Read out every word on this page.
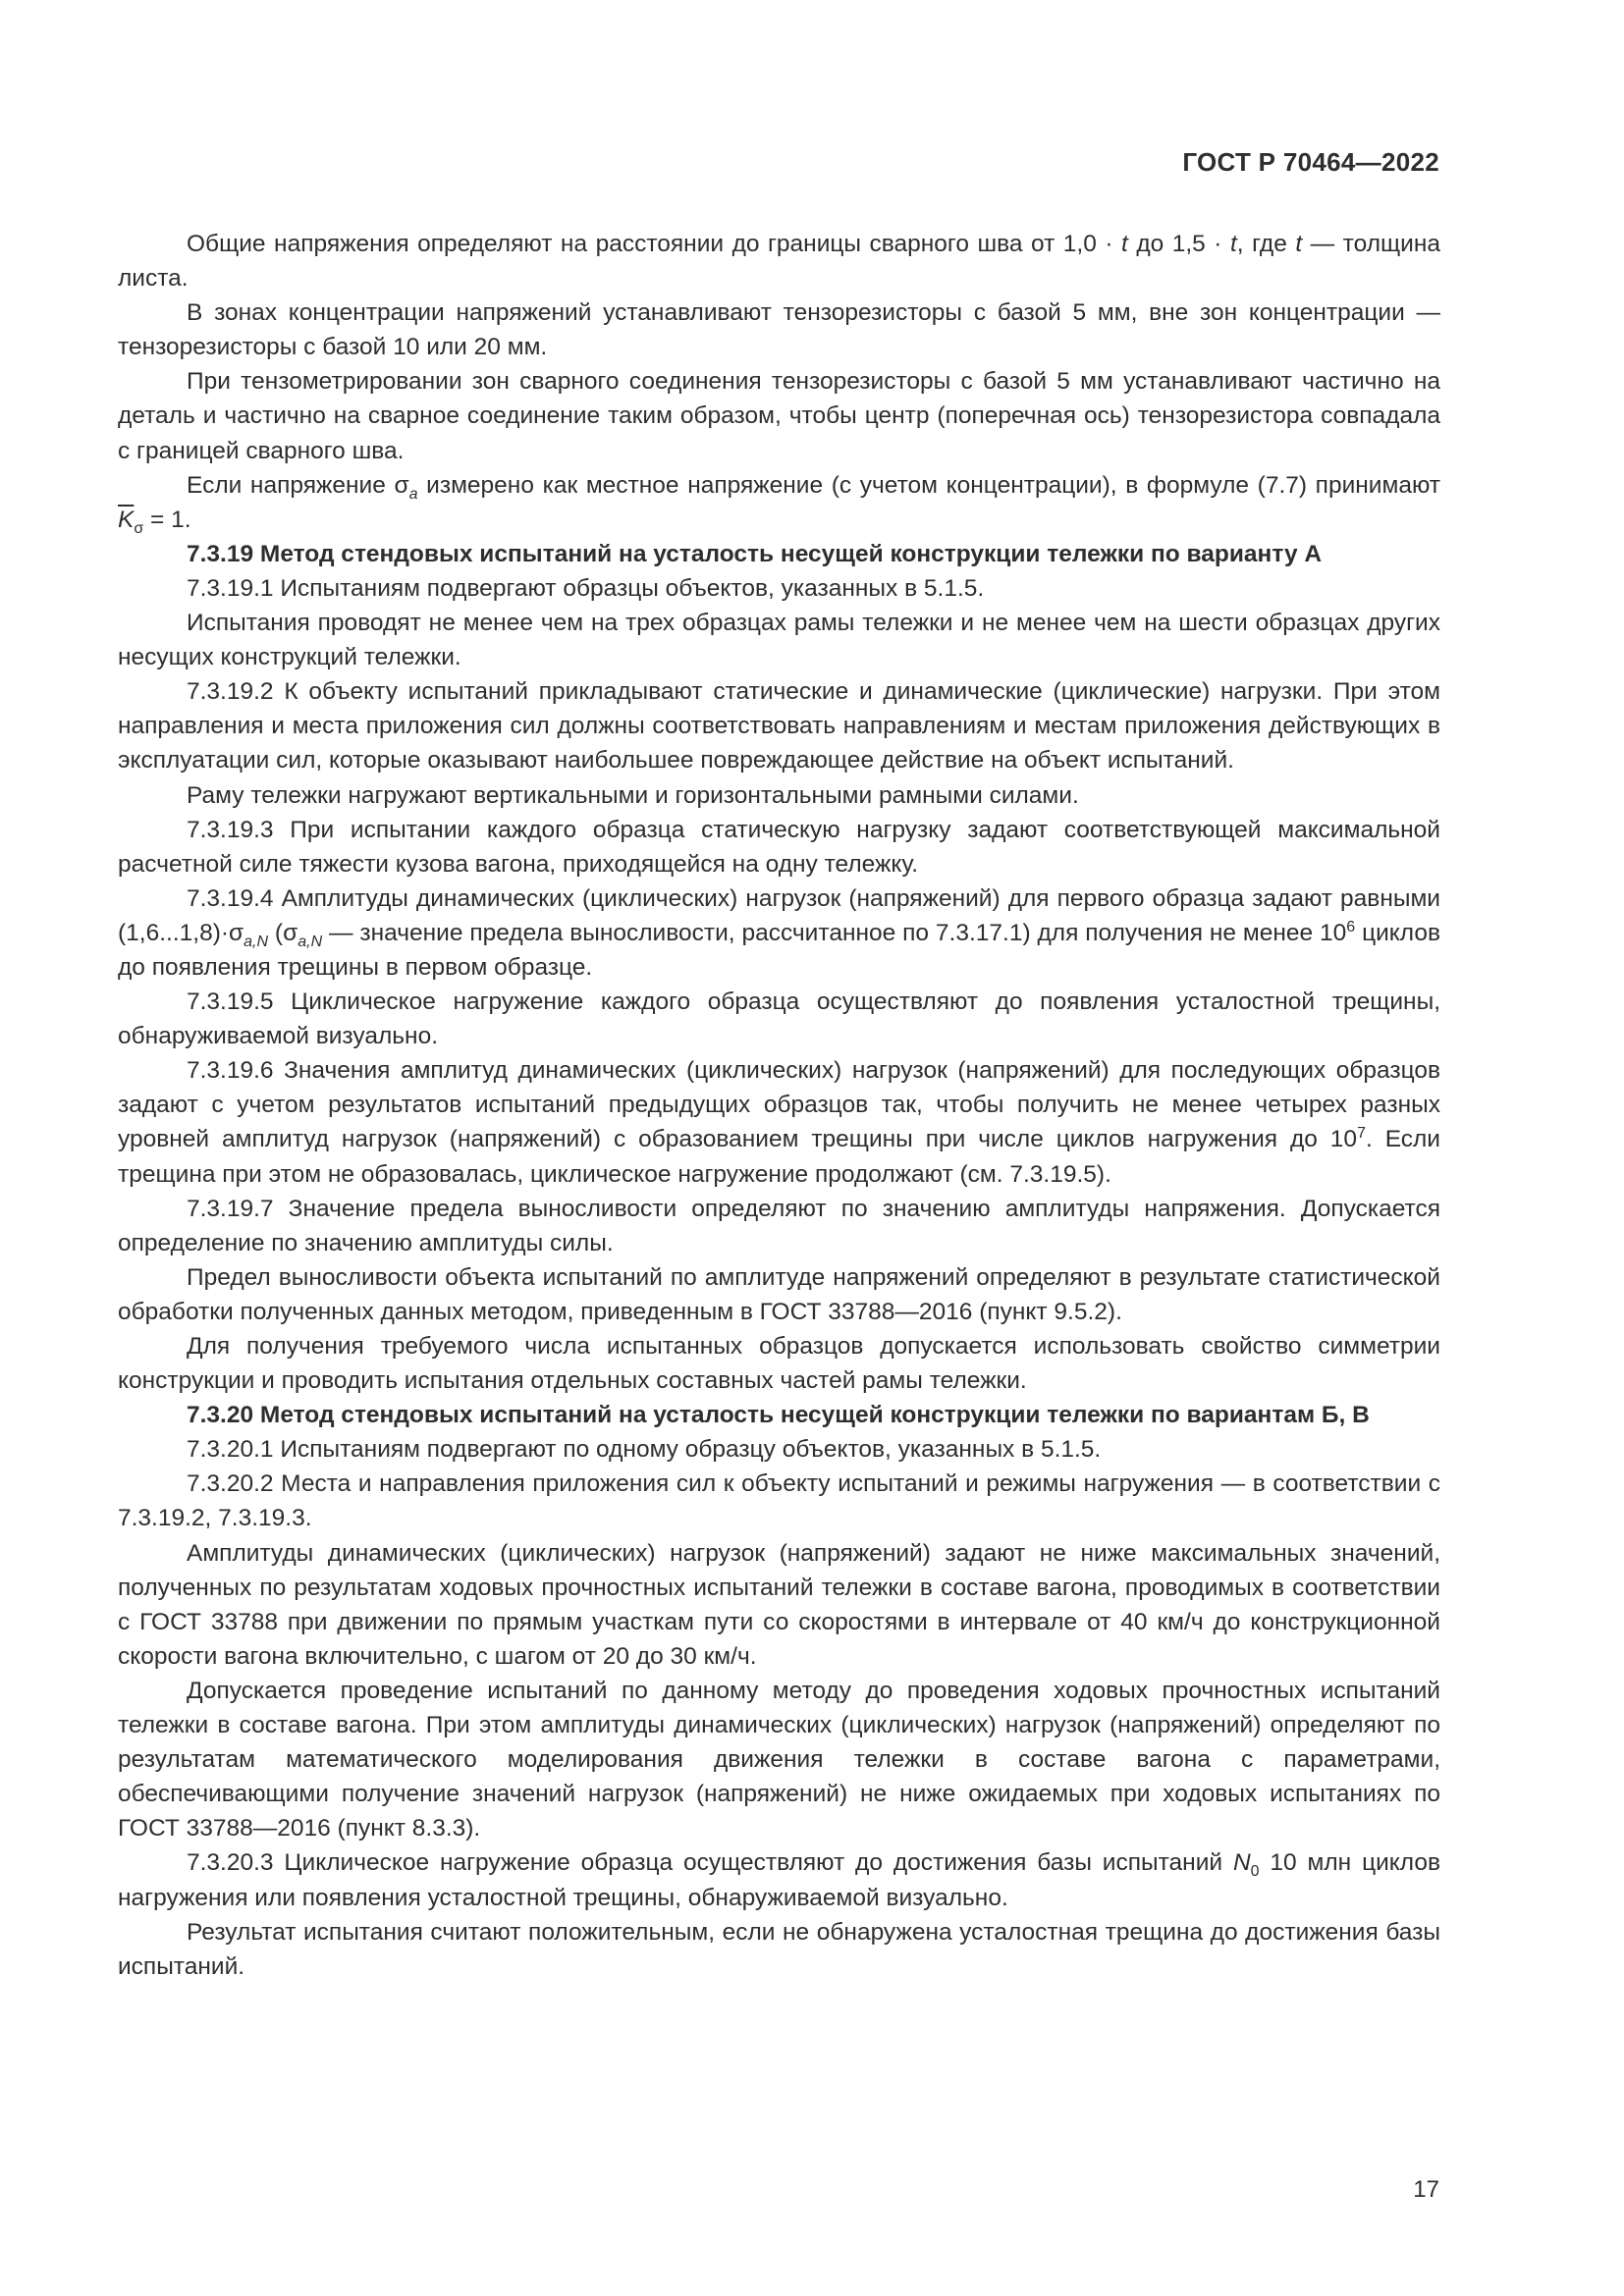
ГОСТ Р 70464—2022

Общие напряжения определяют на расстоянии до границы сварного шва от 1,0 · t до 1,5 · t, где t — толщина листа.

В зонах концентрации напряжений устанавливают тензорезисторы с базой 5 мм, вне зон концентрации — тензорезисторы с базой 10 или 20 мм.

При тензометрировании зон сварного соединения тензорезисторы с базой 5 мм устанавливают частично на деталь и частично на сварное соединение таким образом, чтобы центр (поперечная ось) тензорезистора совпадала с границей сварного шва.

Если напряжение $\sigma_a$ измерено как местное напряжение (с учетом концентрации), в формуле (7.7) принимают $\overline{K}_\sigma = 1$.

7.3.19 Метод стендовых испытаний на усталость несущей конструкции тележки по варианту А

7.3.19.1 Испытаниям подвергают образцы объектов, указанных в 5.1.5.

Испытания проводят не менее чем на трех образцах рамы тележки и не менее чем на шести образцах других несущих конструкций тележки.

7.3.19.2 К объекту испытаний прикладывают статические и динамические (циклические) нагрузки. При этом направления и места приложения сил должны соответствовать направлениям и местам приложения действующих в эксплуатации сил, которые оказывают наибольшее повреждающее действие на объект испытаний.

Раму тележки нагружают вертикальными и горизонтальными рамными силами.

7.3.19.3 При испытании каждого образца статическую нагрузку задают соответствующей максимальной расчетной силе тяжести кузова вагона, приходящейся на одну тележку.

7.3.19.4 Амплитуды динамических (циклических) нагрузок (напряжений) для первого образца задают равными $(1,6...1,8)\cdot\sigma_{a,N}$ ($\sigma_{a,N}$ — значение предела выносливости, рассчитанное по 7.3.17.1) для получения не менее $10^6$ циклов до появления трещины в первом образце.

7.3.19.5 Циклическое нагружение каждого образца осуществляют до появления усталостной трещины, обнаруживаемой визуально.

7.3.19.6 Значения амплитуд динамических (циклических) нагрузок (напряжений) для последующих образцов задают с учетом результатов испытаний предыдущих образцов так, чтобы получить не менее четырех разных уровней амплитуд нагрузок (напряжений) с образованием трещины при числе циклов нагружения до $10^7$. Если трещина при этом не образовалась, циклическое нагружение продолжают (см. 7.3.19.5).

7.3.19.7 Значение предела выносливости определяют по значению амплитуды напряжения. Допускается определение по значению амплитуды силы.

Предел выносливости объекта испытаний по амплитуде напряжений определяют в результате статистической обработки полученных данных методом, приведенным в ГОСТ 33788—2016 (пункт 9.5.2).

Для получения требуемого числа испытанных образцов допускается использовать свойство симметрии конструкции и проводить испытания отдельных составных частей рамы тележки.

7.3.20 Метод стендовых испытаний на усталость несущей конструкции тележки по вариантам Б, В

7.3.20.1 Испытаниям подвергают по одному образцу объектов, указанных в 5.1.5.

7.3.20.2 Места и направления приложения сил к объекту испытаний и режимы нагружения — в соответствии с 7.3.19.2, 7.3.19.3.

Амплитуды динамических (циклических) нагрузок (напряжений) задают не ниже максимальных значений, полученных по результатам ходовых прочностных испытаний тележки в составе вагона, проводимых в соответствии с ГОСТ 33788 при движении по прямым участкам пути со скоростями в интервале от 40 км/ч до конструкционной скорости вагона включительно, с шагом от 20 до 30 км/ч.

Допускается проведение испытаний по данному методу до проведения ходовых прочностных испытаний тележки в составе вагона. При этом амплитуды динамических (циклических) нагрузок (напряжений) определяют по результатам математического моделирования движения тележки в составе вагона с параметрами, обеспечивающими получение значений нагрузок (напряжений) не ниже ожидаемых при ходовых испытаниях по ГОСТ 33788—2016 (пункт 8.3.3).

7.3.20.3 Циклическое нагружение образца осуществляют до достижения базы испытаний $N_0$ 10 млн циклов нагружения или появления усталостной трещины, обнаруживаемой визуально.

Результат испытания считают положительным, если не обнаружена усталостная трещина до достижения базы испытаний.

17
